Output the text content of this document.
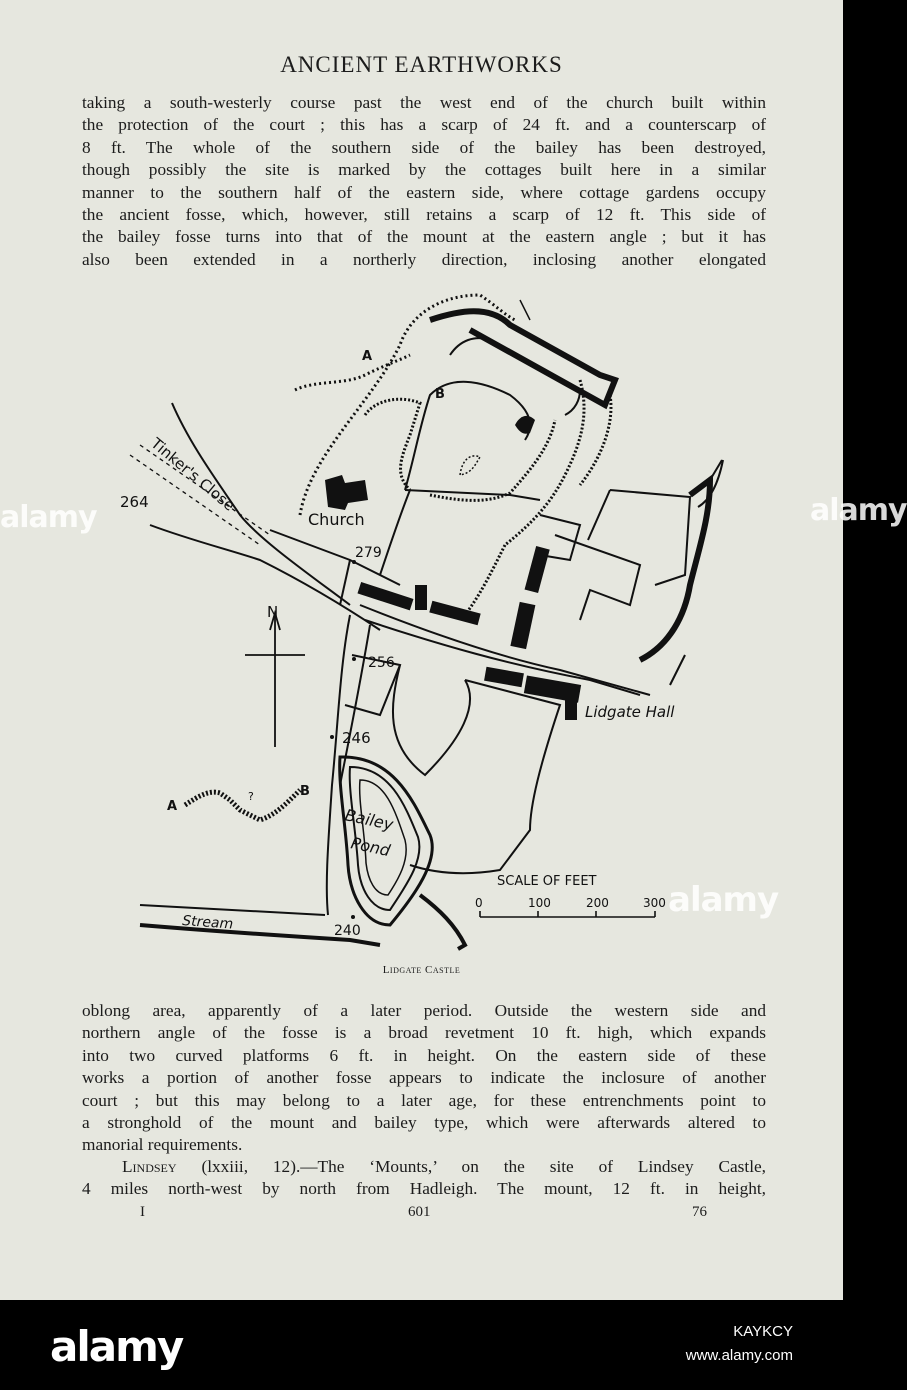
ANCIENT EARTHWORKS
taking a south-westerly course past the west end of the church built within
the protection of the court ; this has a scarp of 24 ft. and a counterscarp of
8 ft. The whole of the southern side of the bailey has been destroyed,
though possibly the site is marked by the cottages built here in a similar
manner to the southern half of the eastern side, where cottage gardens occupy
the ancient fosse, which, however, still retains a scarp of 12 ft. This side of
the bailey fosse turns into that of the mount at the eastern angle ; but it has
also been extended in a northerly direction, inclosing another elongated
Church
Lidgate Hall
Tinker's Close
Bailey
Pond
Stream
N
A
B
?
A
B
264
279
256
246
240
SCALE OF FEET
0	100	200	300
Lidgate Castle
oblong area, apparently of a later period. Outside the western side and
northern angle of the fosse is a broad revetment 10 ft. high, which expands
into two curved platforms 6 ft. in height. On the eastern side of these
works a portion of another fosse appears to indicate the inclosure of another
court ; but this may belong to a later age, for these entrenchments point to
a stronghold of the mount and bailey type, which were afterwards altered to
manorial requirements.
Lindsey (lxxiii, 12).—The ‘Mounts,’ on the site of Lindsey Castle,
4 miles north-west by north from Hadleigh. The mount, 12 ft. in height,
I	601	76
alamy
alamy
alamy
alamy	KAYKCY
www.alamy.com
